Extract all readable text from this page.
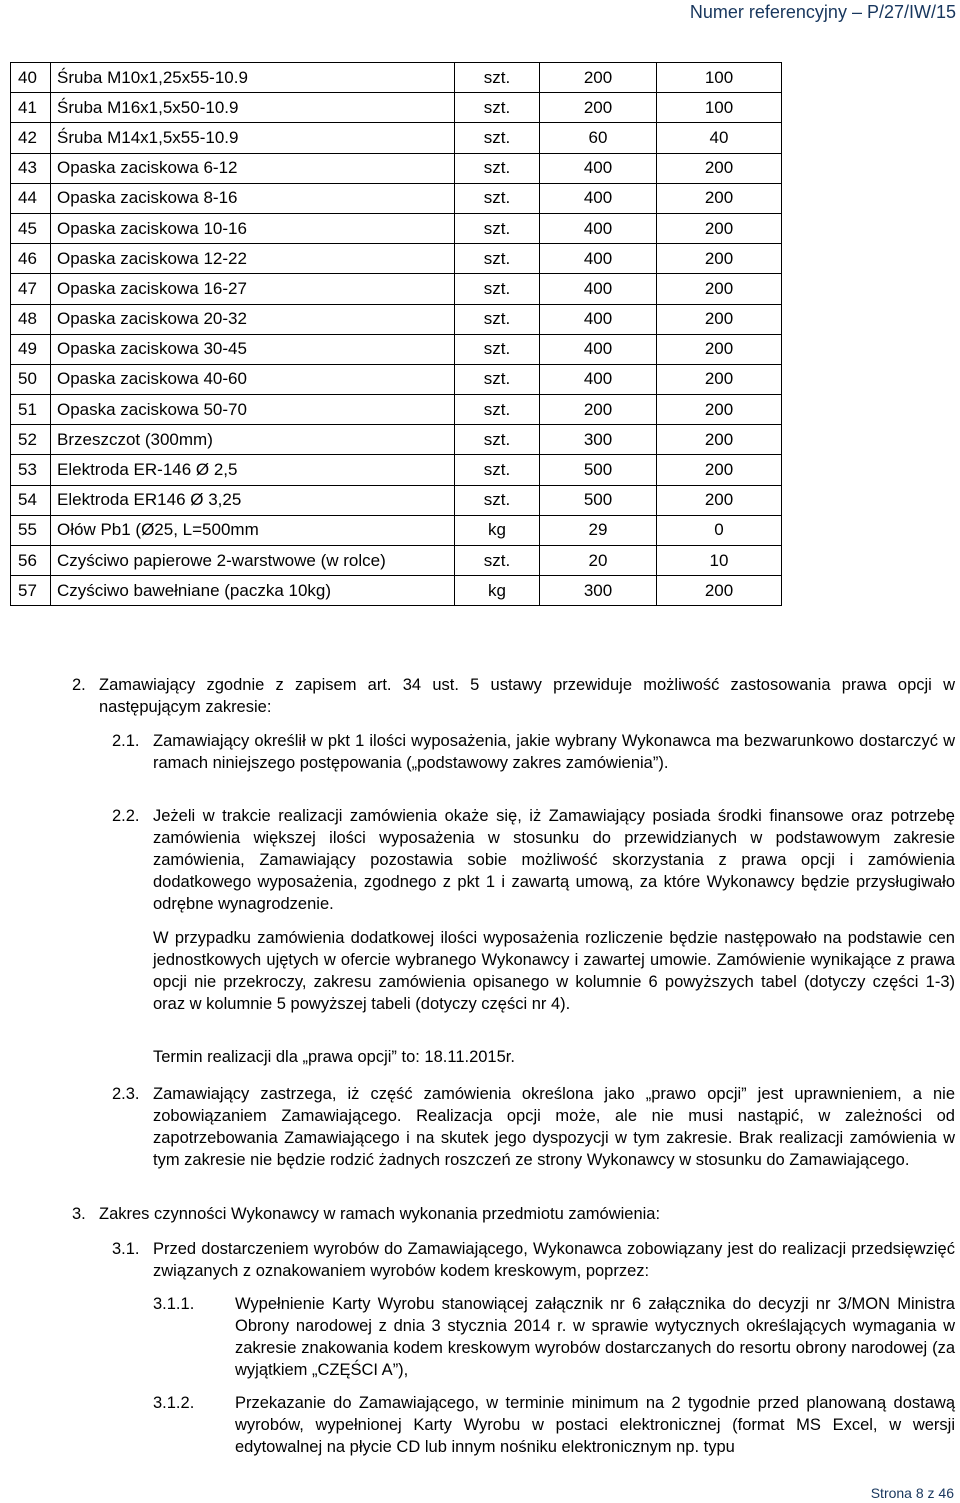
Numer referencyjny – P/27/IW/15
40	Śruba M10x1,25x55-10.9	szt.	200	100
41	Śruba M16x1,5x50-10.9	szt.	200	100
42	Śruba M14x1,5x55-10.9	szt.	60	40
43	Opaska zaciskowa 6-12	szt.	400	200
44	Opaska zaciskowa 8-16	szt.	400	200
45	Opaska zaciskowa 10-16	szt.	400	200
46	Opaska zaciskowa 12-22	szt.	400	200
47	Opaska zaciskowa 16-27	szt.	400	200
48	Opaska zaciskowa 20-32	szt.	400	200
49	Opaska zaciskowa 30-45	szt.	400	200
50	Opaska zaciskowa 40-60	szt.	400	200
51	Opaska zaciskowa 50-70	szt.	200	200
52	Brzeszczot (300mm)	szt.	300	200
53	Elektroda ER-146 Ø 2,5	szt.	500	200
54	Elektroda ER146 Ø 3,25	szt.	500	200
55	Ołów Pb1 (Ø25, L=500mm	kg	29	0
56	Czyściwo papierowe 2-warstwowe (w rolce)	szt.	20	10
57	Czyściwo bawełniane (paczka 10kg)	kg	300	200
2. Zamawiający zgodnie z zapisem art. 34 ust. 5 ustawy przewiduje możliwość zastosowania prawa opcji w następującym zakresie:
2.1. Zamawiający określił w pkt 1 ilości wyposażenia, jakie wybrany Wykonawca ma bezwarunkowo dostarczyć w ramach niniejszego postępowania („podstawowy zakres zamówienia”).
2.2. Jeżeli w trakcie realizacji zamówienia okaże się, iż Zamawiający posiada środki finansowe oraz potrzebę zamówienia większej ilości wyposażenia w stosunku do przewidzianych w podstawowym zakresie zamówienia, Zamawiający pozostawia sobie możliwość skorzystania z prawa opcji i zamówienia dodatkowego wyposażenia, zgodnego z pkt 1 i zawartą umową, za które Wykonawcy będzie przysługiwało odrębne wynagrodzenie.
W przypadku zamówienia dodatkowej ilości wyposażenia rozliczenie będzie następowało na podstawie cen jednostkowych ujętych w ofercie wybranego Wykonawcy i zawartej umowie. Zamówienie wynikające z prawa opcji nie przekroczy, zakresu zamówienia opisanego w kolumnie 6 powyższych tabel (dotyczy części 1-3) oraz w kolumnie 5 powyższej tabeli (dotyczy części nr 4).
Termin realizacji dla „prawa opcji” to: 18.11.2015r.
2.3. Zamawiający zastrzega, iż część zamówienia określona jako „prawo opcji” jest uprawnieniem, a nie zobowiązaniem Zamawiającego. Realizacja opcji może, ale nie musi nastąpić, w zależności od zapotrzebowania Zamawiającego i na skutek jego dyspozycji w tym zakresie. Brak realizacji zamówienia w tym zakresie nie będzie rodzić żadnych roszczeń ze strony Wykonawcy w stosunku do Zamawiającego.
3. Zakres czynności Wykonawcy w ramach wykonania przedmiotu zamówienia:
3.1. Przed dostarczeniem wyrobów do Zamawiającego, Wykonawca zobowiązany jest do realizacji przedsięwzięć związanych z oznakowaniem wyrobów kodem kreskowym, poprzez:
3.1.1. Wypełnienie Karty Wyrobu stanowiącej załącznik nr 6 załącznika do decyzji nr 3/MON Ministra Obrony narodowej z dnia 3 stycznia 2014 r. w sprawie wytycznych określających wymagania w zakresie znakowania kodem kreskowym wyrobów dostarczanych do resortu obrony narodowej (za wyjątkiem „CZĘŚCI A”),
3.1.2. Przekazanie do Zamawiającego, w terminie minimum na 2 tygodnie przed planowaną dostawą wyrobów, wypełnionej Karty Wyrobu w postaci elektronicznej (format MS Excel, w wersji edytowalnej na płycie CD lub innym nośniku elektronicznym np. typu
Strona 8 z 46
